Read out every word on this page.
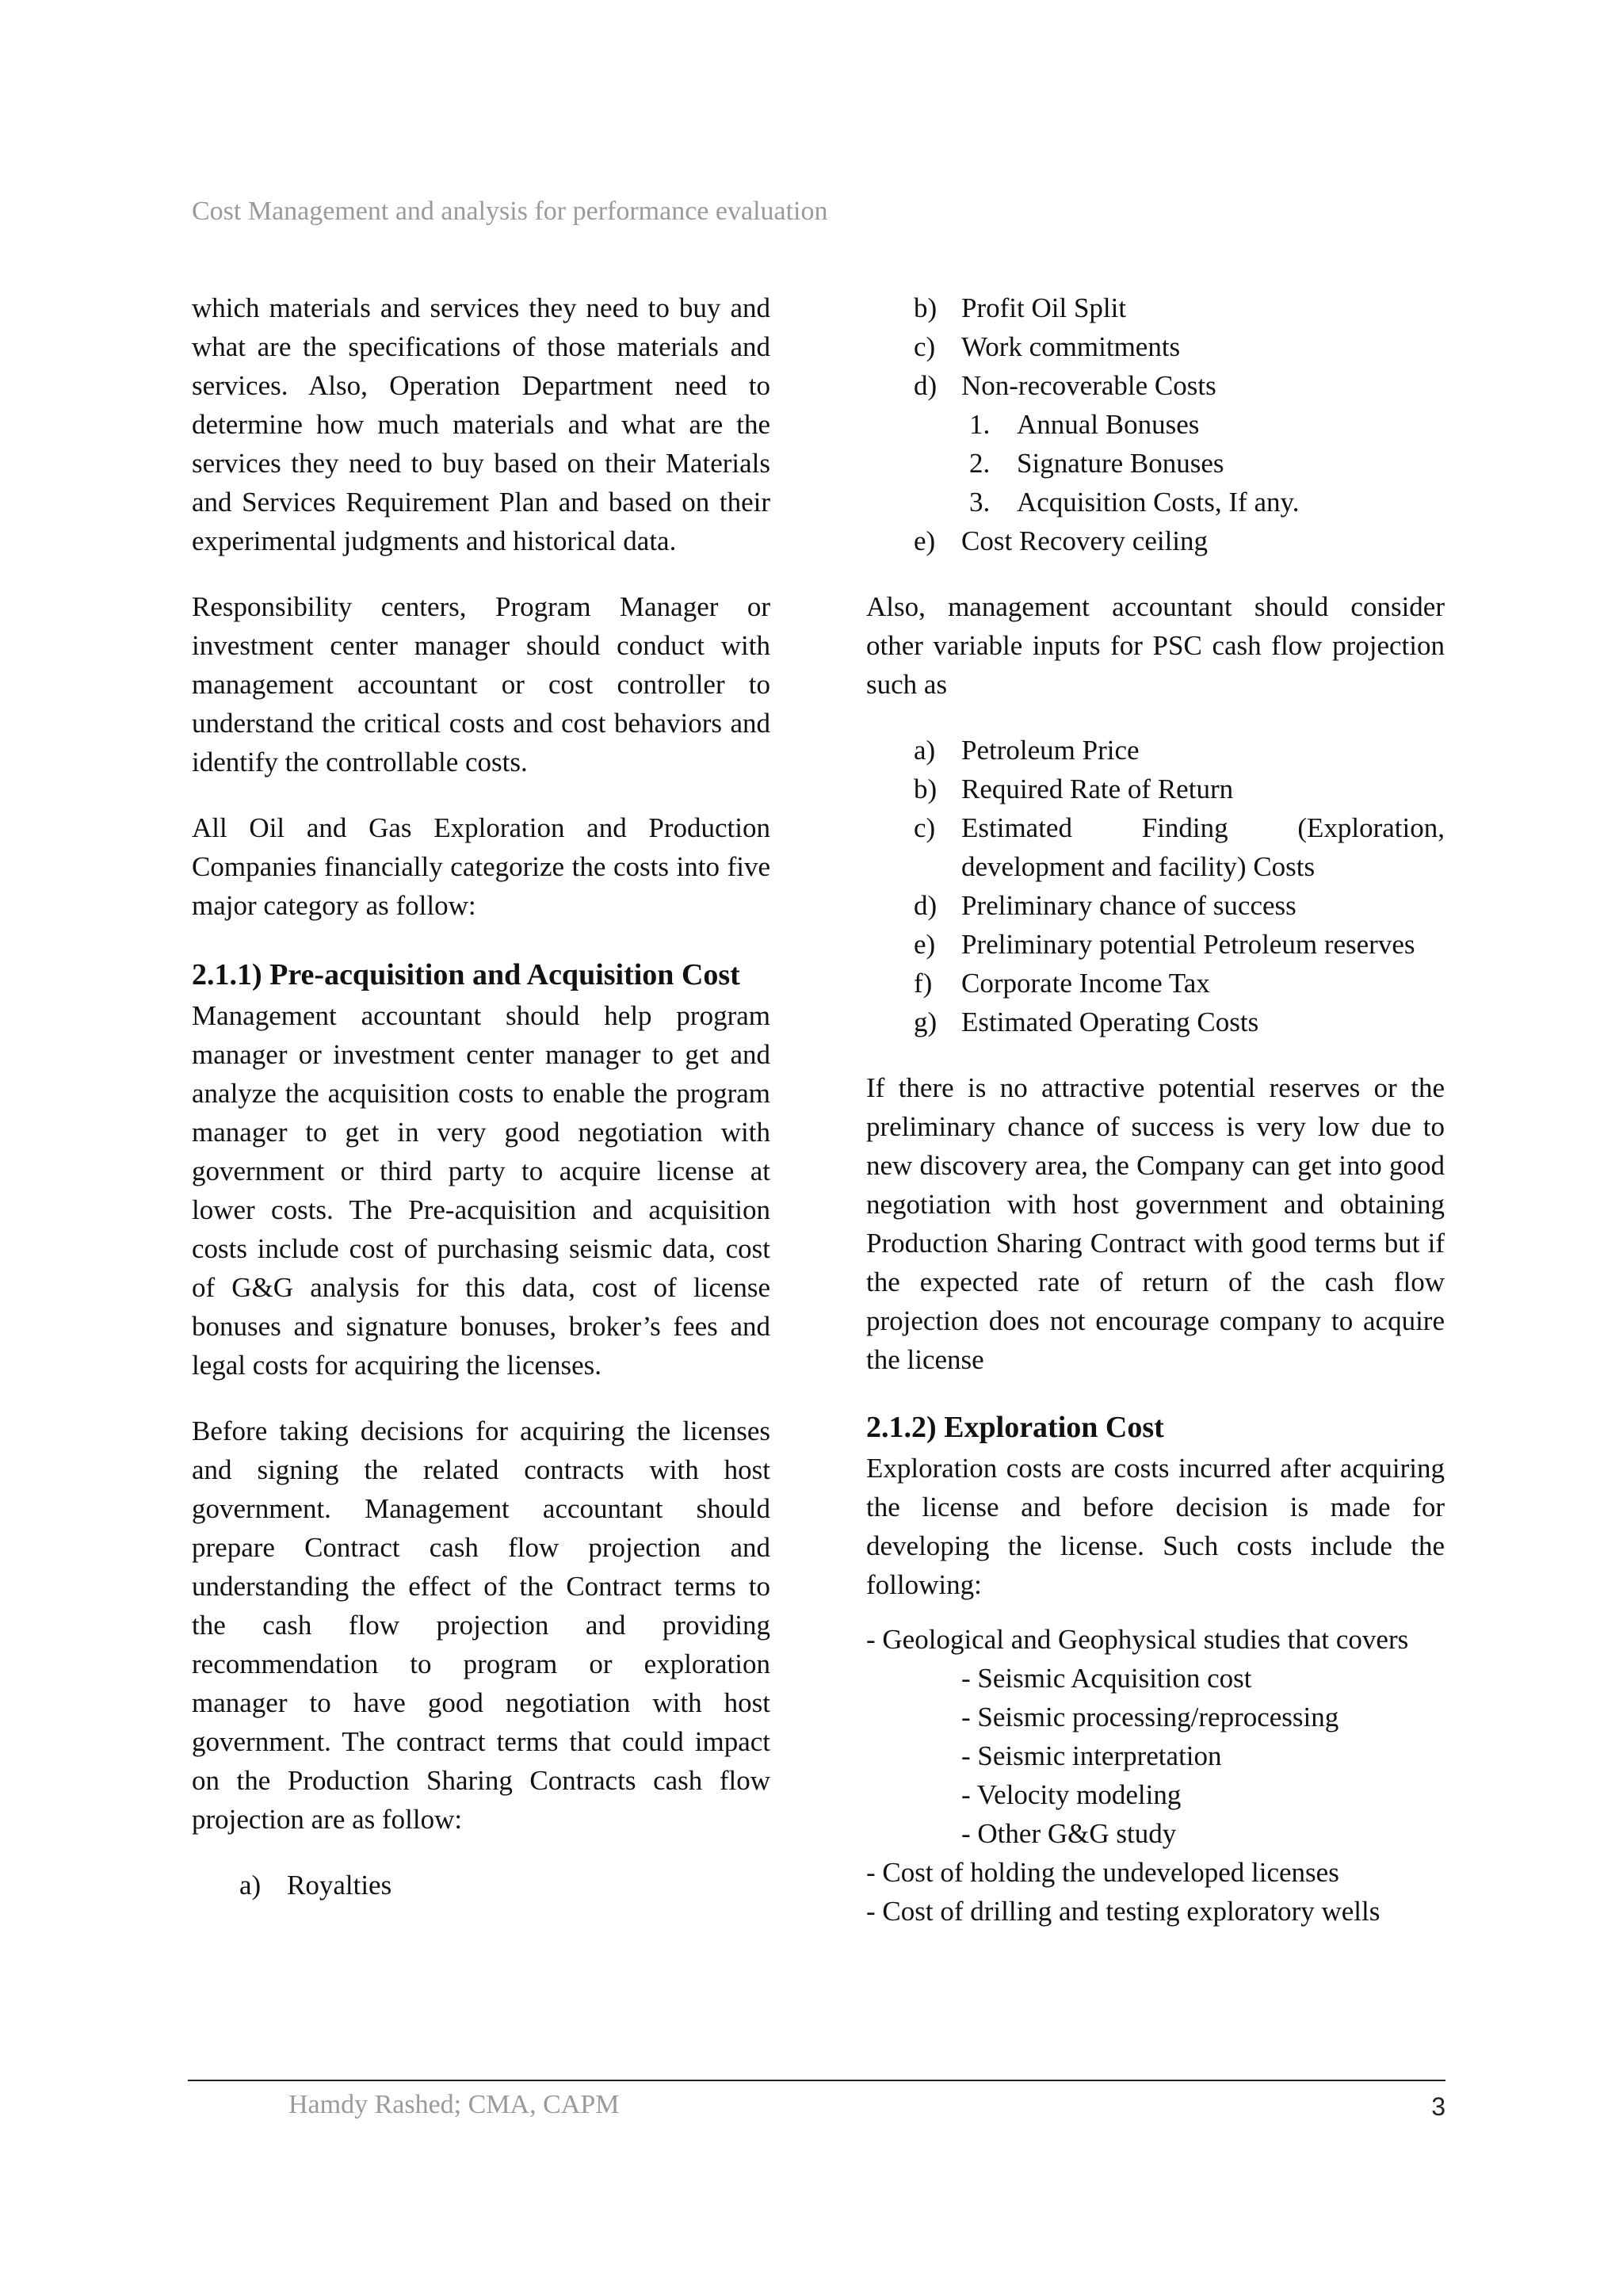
Cost Management and analysis for performance evaluation

which materials and services they need to buy and what are the specifications of those materials and services. Also, Operation Department need to determine how much materials and what are the services they need to buy based on their Materials and Services Requirement Plan and based on their experimental judgments and historical data.

Responsibility centers, Program Manager or investment center manager should conduct with management accountant or cost controller to understand the critical costs and cost behaviors and identify the controllable costs.

All Oil and Gas Exploration and Production Companies financially categorize the costs into five major category as follow:

2.1.1) Pre-acquisition and Acquisition Cost

Management accountant should help program manager or investment center manager to get and analyze the acquisition costs to enable the program manager to get in very good negotiation with government or third party to acquire license at lower costs. The Pre-acquisition and acquisition costs include cost of purchasing seismic data, cost of G&G analysis for this data, cost of license bonuses and signature bonuses, broker’s fees and legal costs for acquiring the licenses.

Before taking decisions for acquiring the licenses and signing the related contracts with host government. Management accountant should prepare Contract cash flow projection and understanding the effect of the Contract terms to the cash flow projection and providing recommendation to program or exploration manager to have good negotiation with host government. The contract terms that could impact on the Production Sharing Contracts cash flow projection are as follow:

a) Royalties
b) Profit Oil Split
c) Work commitments
d) Non-recoverable Costs
1. Annual Bonuses
2. Signature Bonuses
3. Acquisition Costs, If any.
e) Cost Recovery ceiling

Also, management accountant should consider other variable inputs for PSC cash flow projection such as

a) Petroleum Price
b) Required Rate of Return
c) Estimated Finding (Exploration, development and facility) Costs
d) Preliminary chance of success
e) Preliminary potential Petroleum reserves
f) Corporate Income Tax
g) Estimated Operating Costs

If there is no attractive potential reserves or the preliminary chance of success is very low due to new discovery area, the Company can get into good negotiation with host government and obtaining Production Sharing Contract with good terms but if the expected rate of return of the cash flow projection does not encourage company to acquire the license

2.1.2) Exploration Cost

Exploration costs are costs incurred after acquiring the license and before decision is made for developing the license. Such costs include the following:

- Geological and Geophysical studies that covers
- Seismic Acquisition cost
- Seismic processing/reprocessing
- Seismic interpretation
- Velocity modeling
- Other G&G study
- Cost of holding the undeveloped licenses
- Cost of drilling and testing exploratory wells
Hamdy Rashed; CMA, CAPM	3
